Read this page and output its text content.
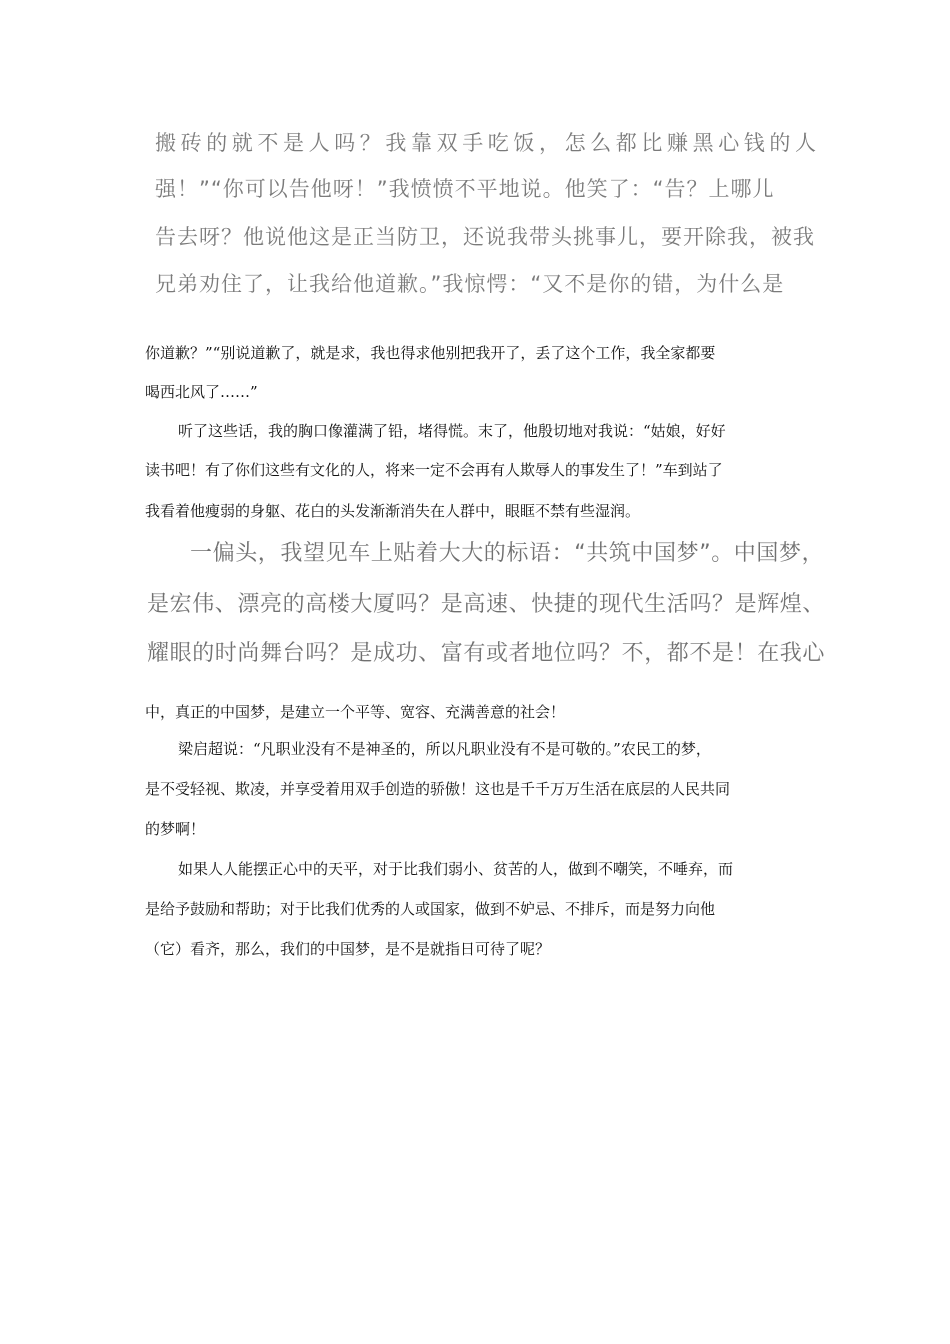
搬砖的就不是人吗？我靠双手吃饭，怎么都比赚黑心钱的人
强！”“你可以告他呀！”我愤愤不平地说。他笑了：“告？上哪儿
告去呀？他说他这是正当防卫，还说我带头挑事儿，要开除我，被我
兄弟劝住了，让我给他道歉。”我惊愕：“又不是你的错，为什么是
你道歉？”“别说道歉了，就是求，我也得求他别把我开了，丢了这个工作，我全家都要
喝西北风了……”
听了这些话，我的胸口像灌满了铅，堵得慌。末了，他殷切地对我说：“姑娘，好好
读书吧！有了你们这些有文化的人，将来一定不会再有人欺辱人的事发生了！”车到站了
我看着他瘦弱的身躯、花白的头发渐渐消失在人群中，眼眶不禁有些湿润。
一偏头，我望见车上贴着大大的标语：“共筑中国梦”。中国梦，
是宏伟、漂亮的高楼大厦吗？是高速、快捷的现代生活吗？是辉煌、
耀眼的时尚舞台吗？是成功、富有或者地位吗？不，都不是！在我心
中，真正的中国梦，是建立一个平等、宽容、充满善意的社会！
梁启超说：“凡职业没有不是神圣的，所以凡职业没有不是可敬的。”农民工的梦，
是不受轻视、欺凌，并享受着用双手创造的骄傲！这也是千千万万生活在底层的人民共同
的梦啊！
如果人人能摆正心中的天平，对于比我们弱小、贫苦的人，做到不嘲笑，不唾弃，而
是给予鼓励和帮助；对于比我们优秀的人或国家，做到不妒忌、不排斥，而是努力向他
（它）看齐，那么，我们的中国梦，是不是就指日可待了呢？
